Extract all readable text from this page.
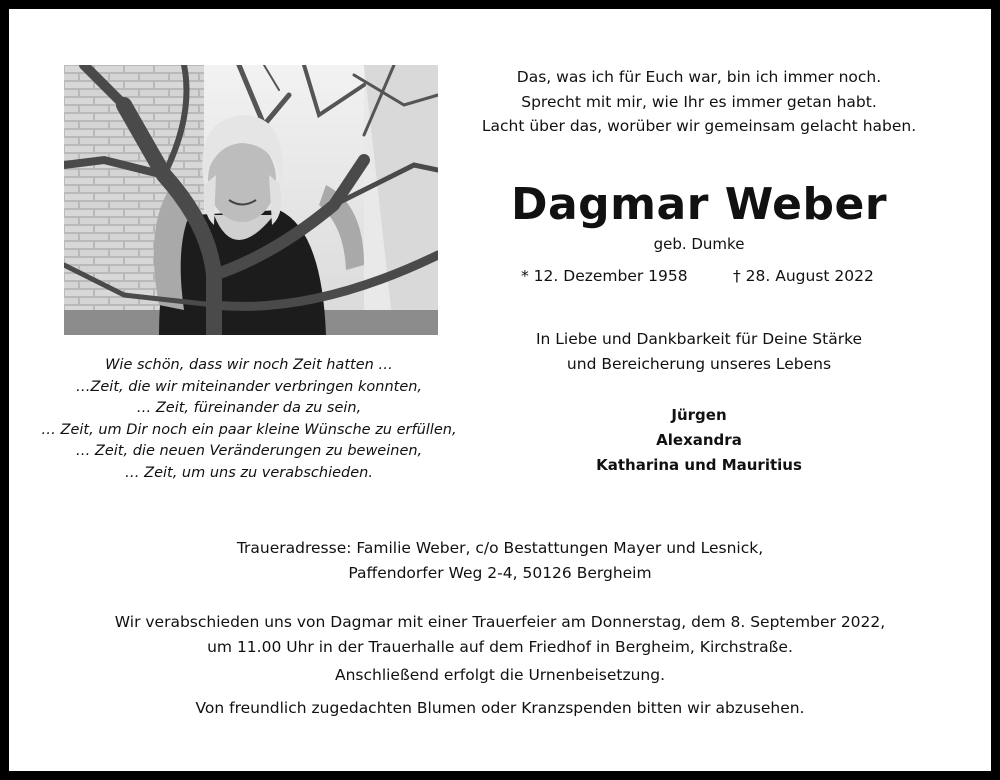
Wie schön, dass wir noch Zeit hatten …
…Zeit, die wir miteinander verbringen konnten,
… Zeit, füreinander da zu sein,
… Zeit, um Dir noch ein paar kleine Wünsche zu erfüllen,
… Zeit, die neuen Veränderungen zu beweinen,
… Zeit, um uns zu verabschieden.
Das, was ich für Euch war, bin ich immer noch.
Sprecht mit mir, wie Ihr es immer getan habt.
Lacht über das, worüber wir gemeinsam gelacht haben.
Dagmar Weber
geb. Dumke
* 12. Dezember 1958	† 28. August 2022
In Liebe und Dankbarkeit für Deine Stärke
und Bereicherung unseres Lebens
Jürgen
Alexandra
Katharina und Mauritius
Traueradresse: Familie Weber, c/o Bestattungen Mayer und Lesnick,
Paffendorfer Weg 2-4, 50126 Bergheim
Wir verabschieden uns von Dagmar mit einer Trauerfeier am Donnerstag, dem 8. September 2022,
um 11.00 Uhr in der Trauerhalle auf dem Friedhof in Bergheim, Kirchstraße.
Anschließend erfolgt die Urnenbeisetzung.
Von freundlich zugedachten Blumen oder Kranzspenden bitten wir abzusehen.
